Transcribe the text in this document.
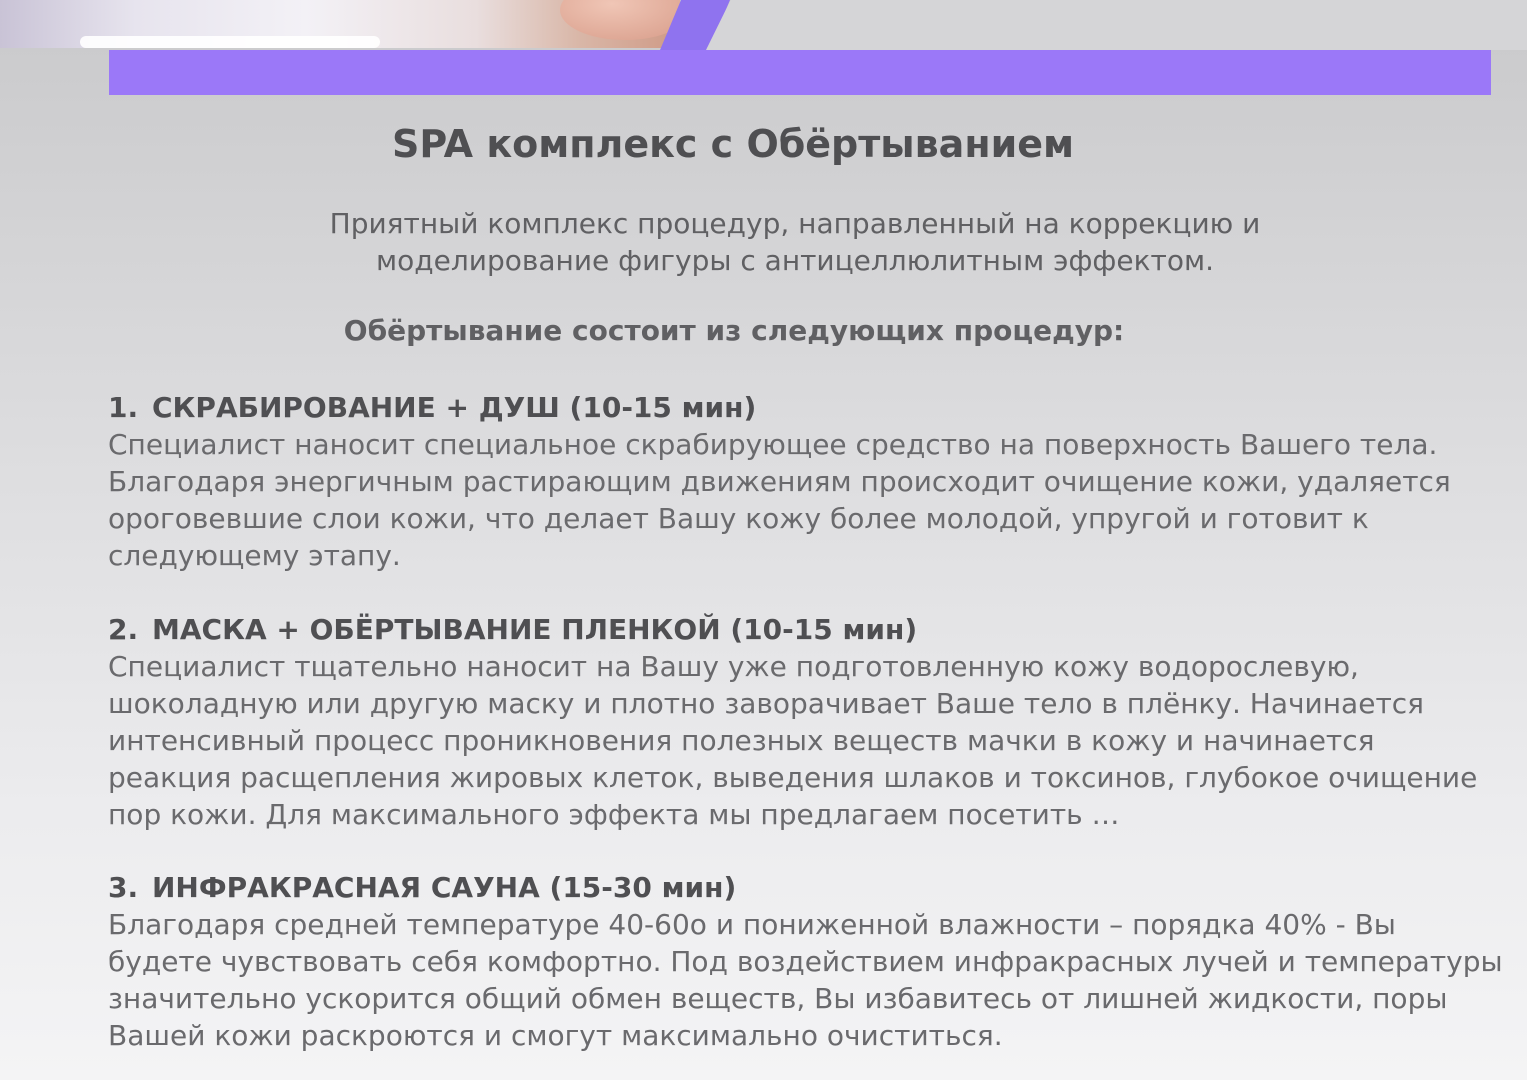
SPA комплекс с Обёртыванием

Приятный комплекс процедур, направленный на коррекцию и моделирование фигуры с антицеллюлитным эффектом.

Обёртывание состоит из следующих процедур:

1. СКРАБИРОВАНИЕ + ДУШ (10-15 мин)

Специалист наносит специальное скрабирующее средство на поверхность Вашего тела. Благодаря энергичным растирающим движениям происходит очищение кожи, удаляется ороговевшие слои кожи, что делает Вашу кожу более молодой, упругой и готовит к следующему этапу.

2. МАСКА + ОБЁРТЫВАНИЕ ПЛЕНКОЙ (10-15 мин)

Специалист тщательно наносит на Вашу уже подготовленную кожу водорослевую, шоколадную или другую маску и плотно заворачивает Ваше тело в плёнку. Начинается интенсивный процесс проникновения полезных веществ мачки в кожу и начинается реакция расщепления жировых клеток, выведения шлаков и токсинов, глубокое очищение пор кожи. Для максимального эффекта мы предлагаем посетить …

3. ИНФРАКРАСНАЯ САУНА (15-30 мин)

Благодаря средней температуре 40-60о и пониженной влажности – порядка 40% - Вы будете чувствовать себя комфортно. Под воздействием инфракрасных лучей и температуры значительно ускорится общий обмен веществ, Вы избавитесь от лишней жидкости, поры Вашей кожи раскроются и смогут максимально очиститься.
